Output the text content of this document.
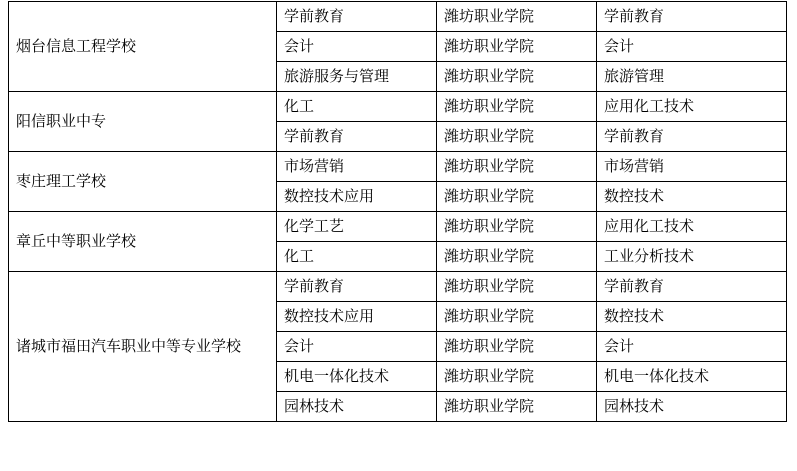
烟台信息工程学校	学前教育	潍坊职业学院	学前教育
	会计	潍坊职业学院	会计
	旅游服务与管理	潍坊职业学院	旅游管理
阳信职业中专	化工	潍坊职业学院	应用化工技术
	学前教育	潍坊职业学院	学前教育
枣庄理工学校	市场营销	潍坊职业学院	市场营销
	数控技术应用	潍坊职业学院	数控技术
章丘中等职业学校	化学工艺	潍坊职业学院	应用化工技术
	化工	潍坊职业学院	工业分析技术
诸城市福田汽车职业中等专业学校	学前教育	潍坊职业学院	学前教育
	数控技术应用	潍坊职业学院	数控技术
	会计	潍坊职业学院	会计
	机电一体化技术	潍坊职业学院	机电一体化技术
	园林技术	潍坊职业学院	园林技术
